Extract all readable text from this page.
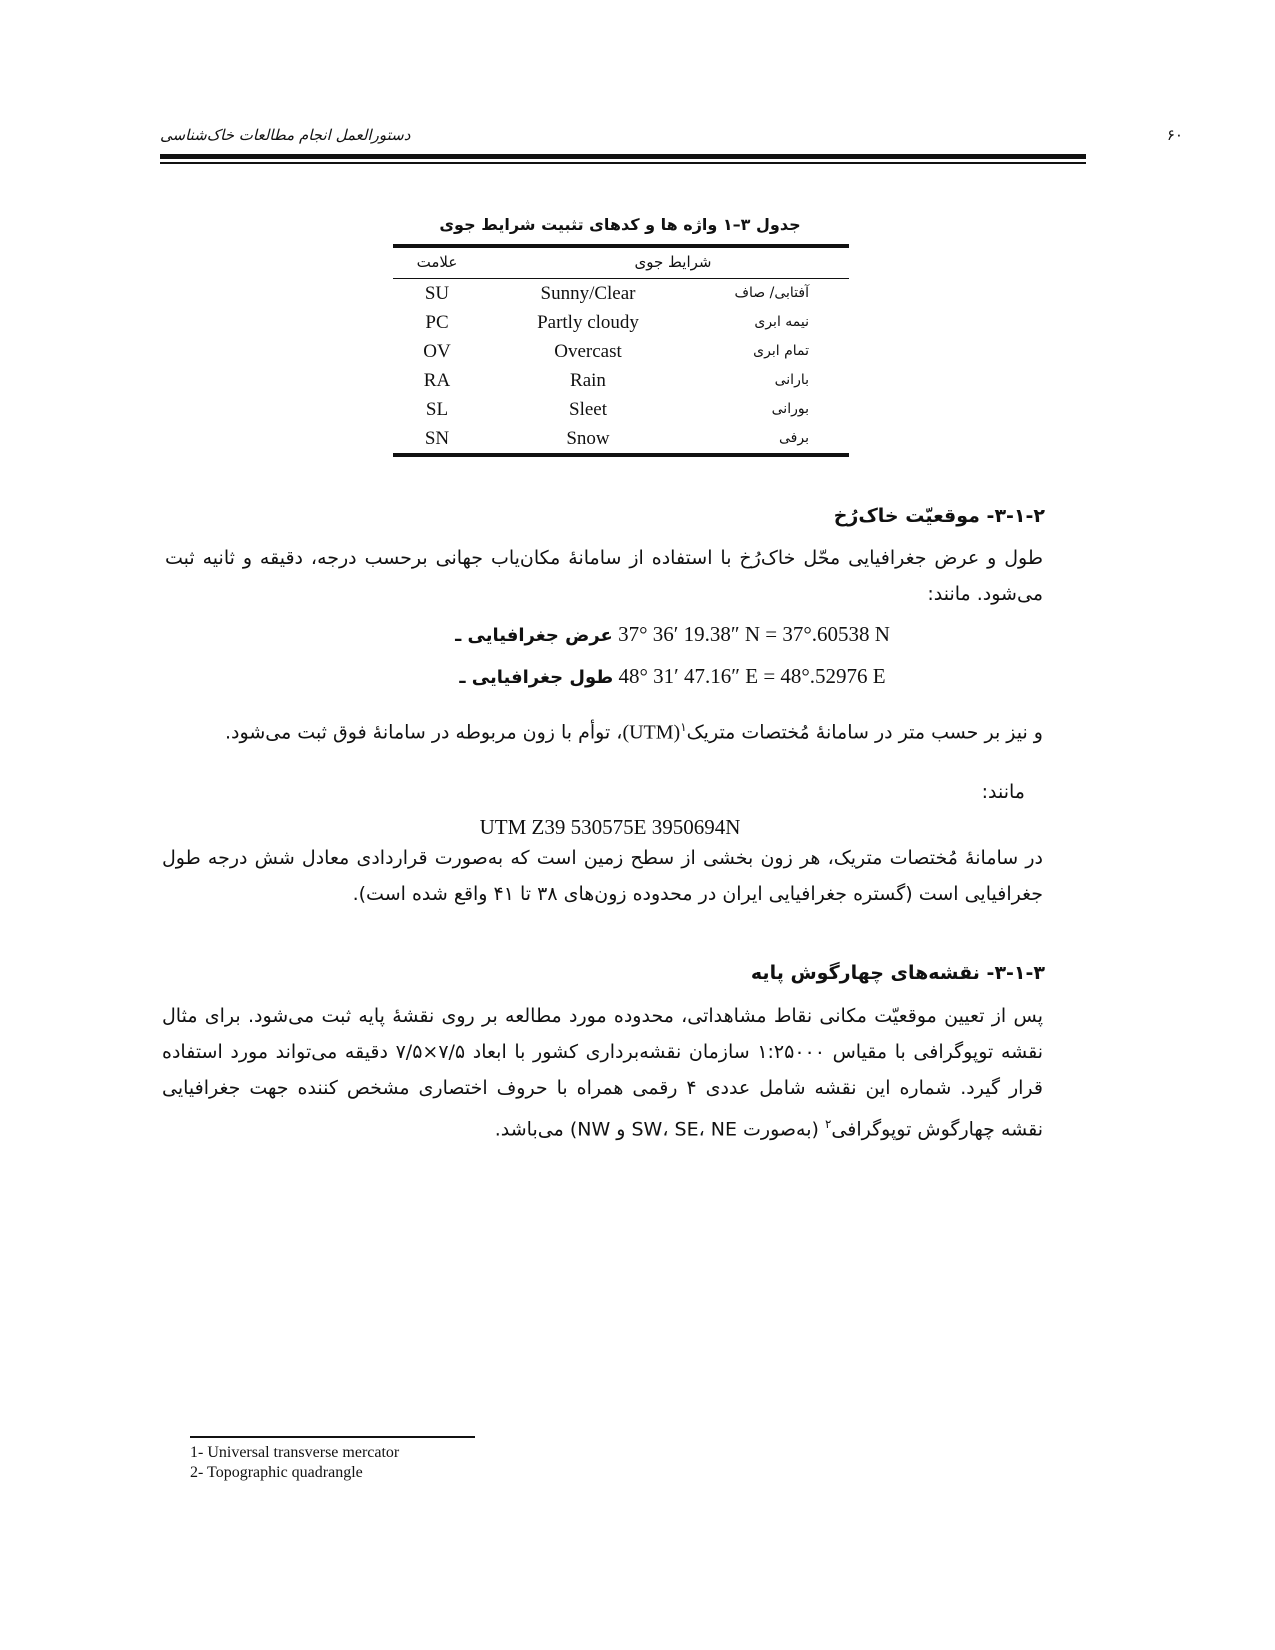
دستورالعمل انجام مطالعات خاک‌شناسی	۶۰
جدول ۳–۱ واژه ها و کدهای تثبیت شرایط جوی
علامت	شرایط جوی
SU	Sunny/Clear	آفتابی/ صاف
PC	Partly cloudy	نیمه ابری
OV	Overcast	تمام ابری
RA	Rain	بارانی
SL	Sleet	بورانی
SN	Snow	برفی
۳-۱-۲- موقعیّت خاک‌رُخ
طول و عرض جغرافیایی محّل خاک‌رُخ با استفاده از سامانۀ مکان‌یاب جهانی برحسب درجه، دقیقه و ثانیه ثبت می‌شود. مانند:
عرض جغرافیایی ـ 37° 36′ 19.38″ N = 37°.60538 N
طول جغرافیایی ـ 48° 31′ 47.16″ E = 48°.52976 E
و نیز بر حسب متر در سامانۀ مُختصات متریک$^۱$(UTM)، توأم با زون مربوطه در سامانۀ فوق ثبت می‌شود.
مانند:
UTM Z39 530575E 3950694N
در سامانۀ مُختصات متریک، هر زون بخشی از سطح زمین است که به‌صورت قراردادی معادل شش درجه طول جغرافیایی است (گستره جغرافیایی ایران در محدوده زون‌های ۳۸ تا ۴۱ واقع شده است).
۳-۱-۳- نقشه‌های چهارگوش پایه
پس از تعیین موقعیّت مکانی نقاط مشاهداتی، محدوده مورد مطالعه بر روی نقشۀ پایه ثبت می‌شود. برای مثال نقشه توپوگرافی با مقیاس ۱:۲۵۰۰۰ سازمان نقشه‌برداری کشور با ابعاد ۷/۵×۷/۵ دقیقه می‌تواند مورد استفاده قرار گیرد. شماره این نقشه شامل عددی ۴ رقمی همراه با حروف اختصاری مشخص کننده جهت جغرافیایی نقشه چهارگوش توپوگرافی$^۲$ (به‌صورت SW، SE، NE و NW) می‌باشد.
1- Universal transverse mercator
2- Topographic quadrangle
